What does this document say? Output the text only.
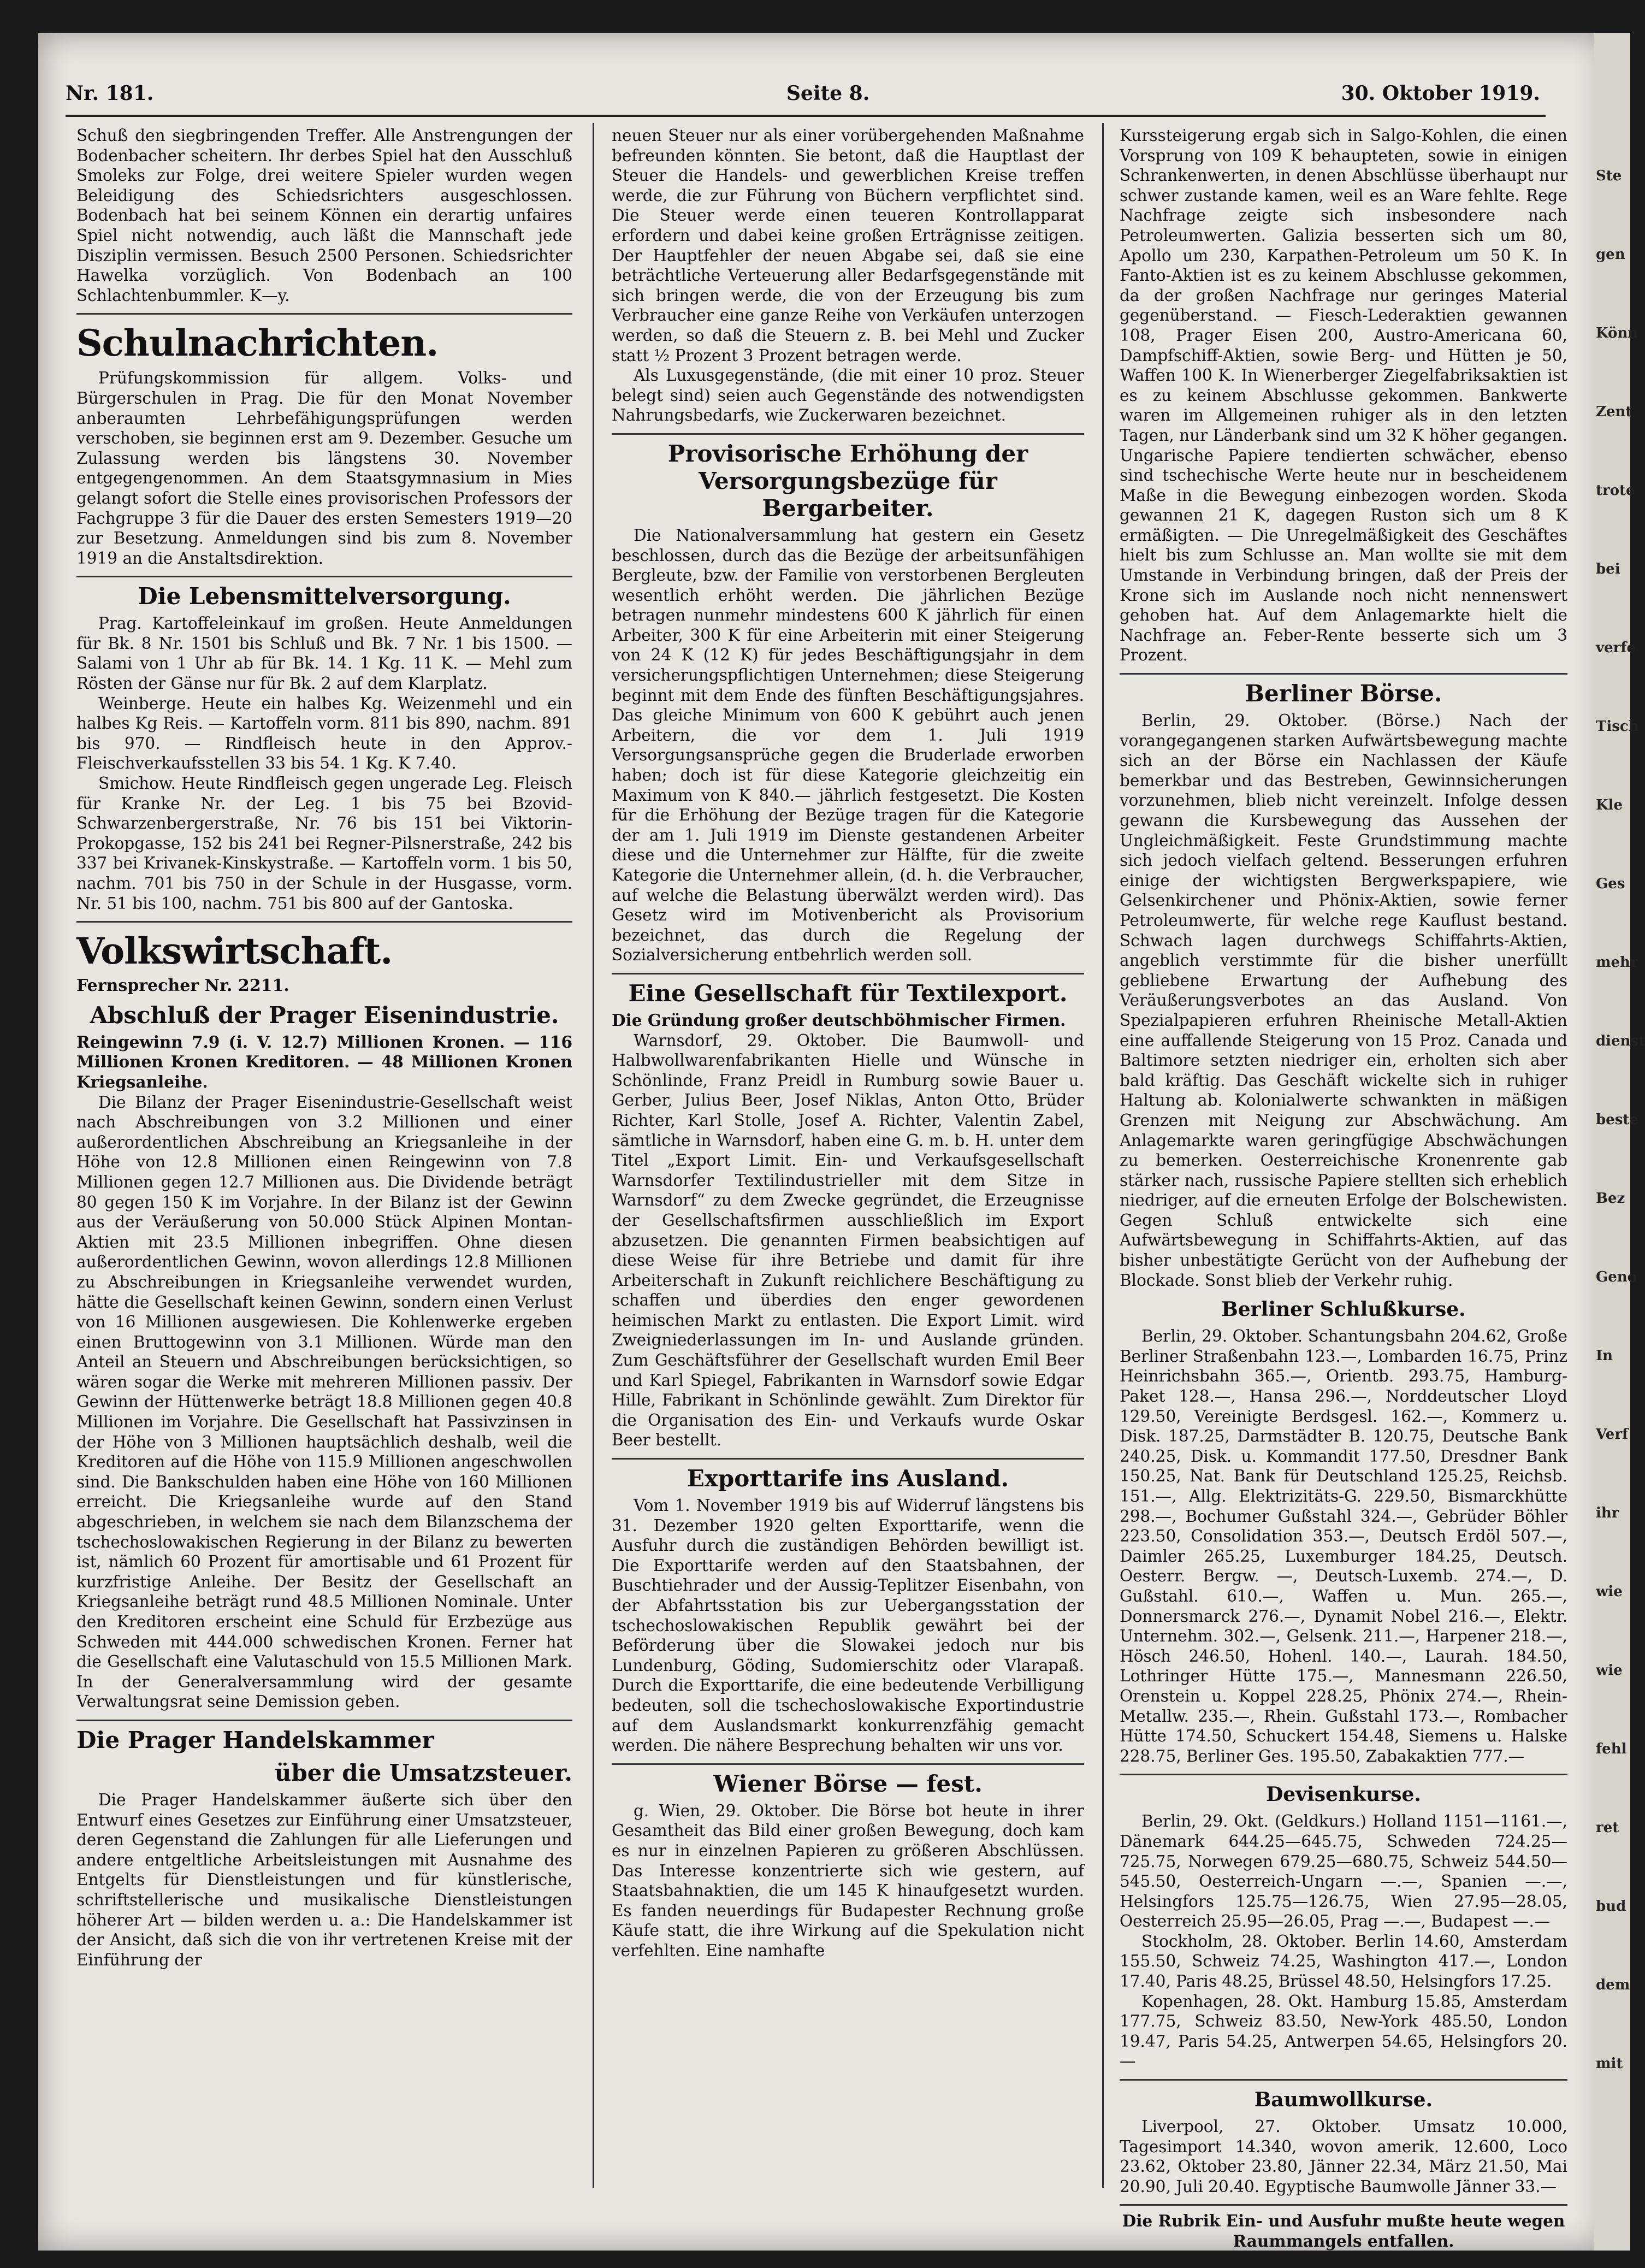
Ste
gen
Könn
Zent
trote
bei
verfe
Tisch
Kle
Ges
mehr
dienst
beste
Bez
Geno
In
Verf
ihr
wie
wie
fehl
ret
bud
dem
mit
Nr. 181.	Seite 8.	30. Oktober 1919.

Schuß den siegbringenden Treffer. Alle Anstrengungen der Bodenbacher scheitern. Ihr derbes Spiel hat den Ausschluß Smoleks zur Folge, drei weitere Spieler wurden wegen Beleidigung des Schiedsrichters ausgeschlossen. Bodenbach hat bei seinem Können ein derartig unfaires Spiel nicht notwendig, auch läßt die Mannschaft jede Disziplin vermissen. Besuch 2500 Personen. Schiedsrichter Hawelka vorzüglich. Von Bodenbach an 100 Schlachtenbummler. K—y.

Schulnachrichten.

Prüfungskommission für allgem. Volks- und Bürgerschulen in Prag. Die für den Monat November anberaumten Lehrbefähigungsprüfungen werden verschoben, sie beginnen erst am 9. Dezember. Gesuche um Zulassung werden bis längstens 30. November entgegengenommen. An dem Staatsgymnasium in Mies gelangt sofort die Stelle eines provisorischen Professors der Fachgruppe 3 für die Dauer des ersten Semesters 1919—20 zur Besetzung. Anmeldungen sind bis zum 8. November 1919 an die Anstaltsdirektion.

Die Lebensmittelversorgung.

Prag. Kartoffeleinkauf im großen. Heute Anmeldungen für Bk. 8 Nr. 1501 bis Schluß und Bk. 7 Nr. 1 bis 1500. — Salami von 1 Uhr ab für Bk. 14. 1 Kg. 11 K. — Mehl zum Rösten der Gänse nur für Bk. 2 auf dem Klarplatz.

Weinberge. Heute ein halbes Kg. Weizenmehl und ein halbes Kg Reis. — Kartoffeln vorm. 811 bis 890, nachm. 891 bis 970. — Rindfleisch heute in den Approv.-Fleischverkaufsstellen 33 bis 54. 1 Kg. K 7.40.

Smichow. Heute Rindfleisch gegen ungerade Leg. Fleisch für Kranke Nr. der Leg. 1 bis 75 bei Bzovid-Schwarzenbergerstraße, Nr. 76 bis 151 bei Viktorin-Prokopgasse, 152 bis 241 bei Regner-Pilsnerstraße, 242 bis 337 bei Krivanek-Kinskystraße. — Kartoffeln vorm. 1 bis 50, nachm. 701 bis 750 in der Schule in der Husgasse, vorm. Nr. 51 bis 100, nachm. 751 bis 800 auf der Gantoska.

Volkswirtschaft.
Fernsprecher Nr. 2211.
Abschluß der Prager Eisenindustrie.

Reingewinn 7.9 (i. V. 12.7) Millionen Kronen. — 116 Millionen Kronen Kreditoren. — 48 Millionen Kronen Kriegsanleihe.

Die Bilanz der Prager Eisenindustrie-Gesellschaft weist nach Abschreibungen von 3.2 Millionen und einer außerordentlichen Abschreibung an Kriegsanleihe in der Höhe von 12.8 Millionen einen Reingewinn von 7.8 Millionen gegen 12.7 Millionen aus. Die Dividende beträgt 80 gegen 150 K im Vorjahre. In der Bilanz ist der Gewinn aus der Veräußerung von 50.000 Stück Alpinen Montan-Aktien mit 23.5 Millionen inbegriffen. Ohne diesen außerordentlichen Gewinn, wovon allerdings 12.8 Millionen zu Abschreibungen in Kriegsanleihe verwendet wurden, hätte die Gesellschaft keinen Gewinn, sondern einen Verlust von 16 Millionen ausgewiesen. Die Kohlenwerke ergeben einen Bruttogewinn von 3.1 Millionen. Würde man den Anteil an Steuern und Abschreibungen berücksichtigen, so wären sogar die Werke mit mehreren Millionen passiv. Der Gewinn der Hüttenwerke beträgt 18.8 Millionen gegen 40.8 Millionen im Vorjahre. Die Gesellschaft hat Passivzinsen in der Höhe von 3 Millionen hauptsächlich deshalb, weil die Kreditoren auf die Höhe von 115.9 Millionen angeschwollen sind. Die Bankschulden haben eine Höhe von 160 Millionen erreicht. Die Kriegsanleihe wurde auf den Stand abgeschrieben, in welchem sie nach dem Bilanzschema der tschechoslowakischen Regierung in der Bilanz zu bewerten ist, nämlich 60 Prozent für amortisable und 61 Prozent für kurzfristige Anleihe. Der Besitz der Gesellschaft an Kriegsanleihe beträgt rund 48.5 Millionen Nominale. Unter den Kreditoren erscheint eine Schuld für Erzbezüge aus Schweden mit 444.000 schwedischen Kronen. Ferner hat die Gesellschaft eine Valutaschuld von 15.5 Millionen Mark. In der Generalversammlung wird der gesamte Verwaltungsrat seine Demission geben.

Die Prager Handelskammer
über die Umsatzsteuer.

Die Prager Handelskammer äußerte sich über den Entwurf eines Gesetzes zur Einführung einer Umsatzsteuer, deren Gegenstand die Zahlungen für alle Lieferungen und andere entgeltliche Arbeitsleistungen mit Ausnahme des Entgelts für Dienstleistungen und für künstlerische, schriftstellerische und musikalische Dienstleistungen höherer Art — bilden werden u. a.: Die Handelskammer ist der Ansicht, daß sich die von ihr vertretenen Kreise mit der Einführung der

neuen Steuer nur als einer vorübergehenden Maßnahme befreunden könnten. Sie betont, daß die Hauptlast der Steuer die Handels- und gewerblichen Kreise treffen werde, die zur Führung von Büchern verpflichtet sind. Die Steuer werde einen teueren Kontrollapparat erfordern und dabei keine großen Erträgnisse zeitigen. Der Hauptfehler der neuen Abgabe sei, daß sie eine beträchtliche Verteuerung aller Bedarfsgegenstände mit sich bringen werde, die von der Erzeugung bis zum Verbraucher eine ganze Reihe von Verkäufen unterzogen werden, so daß die Steuern z. B. bei Mehl und Zucker statt ½ Prozent 3 Prozent betragen werde.

Als Luxusgegenstände, (die mit einer 10 proz. Steuer belegt sind) seien auch Gegenstände des notwendigsten Nahrungsbedarfs, wie Zuckerwaren bezeichnet.

Provisorische Erhöhung der Versorgungsbezüge für Bergarbeiter.

Die Nationalversammlung hat gestern ein Gesetz beschlossen, durch das die Bezüge der arbeitsunfähigen Bergleute, bzw. der Familie von verstorbenen Bergleuten wesentlich erhöht werden. Die jährlichen Bezüge betragen nunmehr mindestens 600 K jährlich für einen Arbeiter, 300 K für eine Arbeiterin mit einer Steigerung von 24 K (12 K) für jedes Beschäftigungsjahr in dem versicherungspflichtigen Unternehmen; diese Steigerung beginnt mit dem Ende des fünften Beschäftigungsjahres. Das gleiche Minimum von 600 K gebührt auch jenen Arbeitern, die vor dem 1. Juli 1919 Versorgungsansprüche gegen die Bruderlade erworben haben; doch ist für diese Kategorie gleichzeitig ein Maximum von K 840.— jährlich festgesetzt. Die Kosten für die Erhöhung der Bezüge tragen für die Kategorie der am 1. Juli 1919 im Dienste gestandenen Arbeiter diese und die Unternehmer zur Hälfte, für die zweite Kategorie die Unternehmer allein, (d. h. die Verbraucher, auf welche die Belastung überwälzt werden wird). Das Gesetz wird im Motivenbericht als Provisorium bezeichnet, das durch die Regelung der Sozialversicherung entbehrlich werden soll.

Eine Gesellschaft für Textilexport.

Die Gründung großer deutschböhmischer Firmen.

Warnsdorf, 29. Oktober. Die Baumwoll- und Halbwollwarenfabrikanten Hielle und Wünsche in Schönlinde, Franz Preidl in Rumburg sowie Bauer u. Gerber, Julius Beer, Josef Niklas, Anton Otto, Brüder Richter, Karl Stolle, Josef A. Richter, Valentin Zabel, sämtliche in Warnsdorf, haben eine G. m. b. H. unter dem Titel „Export Limit. Ein- und Verkaufsgesellschaft Warnsdorfer Textilindustrieller mit dem Sitze in Warnsdorf“ zu dem Zwecke gegründet, die Erzeugnisse der Gesellschaftsfirmen ausschließlich im Export abzusetzen. Die genannten Firmen beabsichtigen auf diese Weise für ihre Betriebe und damit für ihre Arbeiterschaft in Zukunft reichlichere Beschäftigung zu schaffen und überdies den enger gewordenen heimischen Markt zu entlasten. Die Export Limit. wird Zweigniederlassungen im In- und Auslande gründen. Zum Geschäftsführer der Gesellschaft wurden Emil Beer und Karl Spiegel, Fabrikanten in Warnsdorf sowie Edgar Hille, Fabrikant in Schönlinde gewählt. Zum Direktor für die Organisation des Ein- und Verkaufs wurde Oskar Beer bestellt.

Exporttarife ins Ausland.

Vom 1. November 1919 bis auf Widerruf längstens bis 31. Dezember 1920 gelten Exporttarife, wenn die Ausfuhr durch die zuständigen Behörden bewilligt ist. Die Exporttarife werden auf den Staatsbahnen, der Buschtiehrader und der Aussig-Teplitzer Eisenbahn, von der Abfahrtsstation bis zur Uebergangsstation der tschechoslowakischen Republik gewährt bei der Beförderung über die Slowakei jedoch nur bis Lundenburg, Göding, Sudomierschitz oder Vlarapaß. Durch die Exporttarife, die eine bedeutende Verbilligung bedeuten, soll die tschechoslowakische Exportindustrie auf dem Auslandsmarkt konkurrenzfähig gemacht werden. Die nähere Besprechung behalten wir uns vor.

Wiener Börse — fest.

g. Wien, 29. Oktober. Die Börse bot heute in ihrer Gesamtheit das Bild einer großen Bewegung, doch kam es nur in einzelnen Papieren zu größeren Abschlüssen. Das Interesse konzentrierte sich wie gestern, auf Staatsbahnaktien, die um 145 K hinaufgesetzt wurden. Es fanden neuerdings für Budapester Rechnung große Käufe statt, die ihre Wirkung auf die Spekulation nicht verfehlten. Eine namhafte

Kurssteigerung ergab sich in Salgo-Kohlen, die einen Vorsprung von 109 K behaupteten, sowie in einigen Schrankenwerten, in denen Abschlüsse überhaupt nur schwer zustande kamen, weil es an Ware fehlte. Rege Nachfrage zeigte sich insbesondere nach Petroleumwerten. Galizia besserten sich um 80, Apollo um 230, Karpathen-Petroleum um 50 K. In Fanto-Aktien ist es zu keinem Abschlusse gekommen, da der großen Nachfrage nur geringes Material gegenüberstand. — Fiesch-Lederaktien gewannen 108, Prager Eisen 200, Austro-Americana 60, Dampfschiff-Aktien, sowie Berg- und Hütten je 50, Waffen 100 K. In Wienerberger Ziegelfabriksaktien ist es zu keinem Abschlusse gekommen. Bankwerte waren im Allgemeinen ruhiger als in den letzten Tagen, nur Länderbank sind um 32 K höher gegangen. Ungarische Papiere tendierten schwächer, ebenso sind tschechische Werte heute nur in bescheidenem Maße in die Bewegung einbezogen worden. Skoda gewannen 21 K, dagegen Ruston sich um 8 K ermäßigten. — Die Unregelmäßigkeit des Geschäftes hielt bis zum Schlusse an. Man wollte sie mit dem Umstande in Verbindung bringen, daß der Preis der Krone sich im Auslande noch nicht nennenswert gehoben hat. Auf dem Anlagemarkte hielt die Nachfrage an. Feber-Rente besserte sich um 3 Prozent.

Berliner Börse.

Berlin, 29. Oktober. (Börse.) Nach der vorangegangenen starken Aufwärtsbewegung machte sich an der Börse ein Nachlassen der Käufe bemerkbar und das Bestreben, Gewinnsicherungen vorzunehmen, blieb nicht vereinzelt. Infolge dessen gewann die Kursbewegung das Aussehen der Ungleichmäßigkeit. Feste Grundstimmung machte sich jedoch vielfach geltend. Besserungen erfuhren einige der wichtigsten Bergwerkspapiere, wie Gelsenkirchener und Phönix-Aktien, sowie ferner Petroleumwerte, für welche rege Kauflust bestand. Schwach lagen durchwegs Schiffahrts-Aktien, angeblich verstimmte für die bisher unerfüllt gebliebene Erwartung der Aufhebung des Veräußerungsverbotes an das Ausland. Von Spezialpapieren erfuhren Rheinische Metall-Aktien eine auffallende Steigerung von 15 Proz. Canada und Baltimore setzten niedriger ein, erholten sich aber bald kräftig. Das Geschäft wickelte sich in ruhiger Haltung ab. Kolonialwerte schwankten in mäßigen Grenzen mit Neigung zur Abschwächung. Am Anlagemarkte waren geringfügige Abschwächungen zu bemerken. Oesterreichische Kronenrente gab stärker nach, russische Papiere stellten sich erheblich niedriger, auf die erneuten Erfolge der Bolschewisten. Gegen Schluß entwickelte sich eine Aufwärtsbewegung in Schiffahrts-Aktien, auf das bisher unbestätigte Gerücht von der Aufhebung der Blockade. Sonst blieb der Verkehr ruhig.

Berliner Schlußkurse.

Berlin, 29. Oktober. Schantungsbahn 204.62, Große Berliner Straßenbahn 123.—, Lombarden 16.75, Prinz Heinrichsbahn 365.—, Orientb. 293.75, Hamburg-Paket 128.—, Hansa 296.—, Norddeutscher Lloyd 129.50, Vereinigte Berdsgesl. 162.—, Kommerz u. Disk. 187.25, Darmstädter B. 120.75, Deutsche Bank 240.25, Disk. u. Kommandit 177.50, Dresdner Bank 150.25, Nat. Bank für Deutschland 125.25, Reichsb. 151.—, Allg. Elektrizitäts-G. 229.50, Bismarckhütte 298.—, Bochumer Gußstahl 324.—, Gebrüder Böhler 223.50, Consolidation 353.—, Deutsch Erdöl 507.—, Daimler 265.25, Luxemburger 184.25, Deutsch. Oesterr. Bergw. —, Deutsch-Luxemb. 274.—, D. Gußstahl. 610.—, Waffen u. Mun. 265.—, Donnersmarck 276.—, Dynamit Nobel 216.—, Elektr. Unternehm. 302.—, Gelsenk. 211.—, Harpener 218.—, Hösch 246.50, Hohenl. 140.—, Laurah. 184.50, Lothringer Hütte 175.—, Mannesmann 226.50, Orenstein u. Koppel 228.25, Phönix 274.—, Rhein-Metallw. 235.—, Rhein. Gußstahl 173.—, Rombacher Hütte 174.50, Schuckert 154.48, Siemens u. Halske 228.75, Berliner Ges. 195.50, Zabakaktien 777.—

Devisenkurse.

Berlin, 29. Okt. (Geldkurs.) Holland 1151—1161.—, Dänemark 644.25—645.75, Schweden 724.25—725.75, Norwegen 679.25—680.75, Schweiz 544.50—545.50, Oesterreich-Ungarn —.—, Spanien —.—, Helsingfors 125.75—126.75, Wien 27.95—28.05, Oesterreich 25.95—26.05, Prag —.—, Budapest —.—

Stockholm, 28. Oktober. Berlin 14.60, Amsterdam 155.50, Schweiz 74.25, Washington 417.—, London 17.40, Paris 48.25, Brüssel 48.50, Helsingfors 17.25.

Kopenhagen, 28. Okt. Hamburg 15.85, Amsterdam 177.75, Schweiz 83.50, New-York 485.50, London 19.47, Paris 54.25, Antwerpen 54.65, Helsingfors 20.—

Baumwollkurse.

Liverpool, 27. Oktober. Umsatz 10.000, Tagesimport 14.340, wovon amerik. 12.600, Loco 23.62, Oktober 23.80, Jänner 22.34, März 21.50, Mai 20.90, Juli 20.40. Egyptische Baumwolle Jänner 33.—

Die Rubrik Ein- und Ausfuhr mußte heute wegen Raummangels entfallen.
